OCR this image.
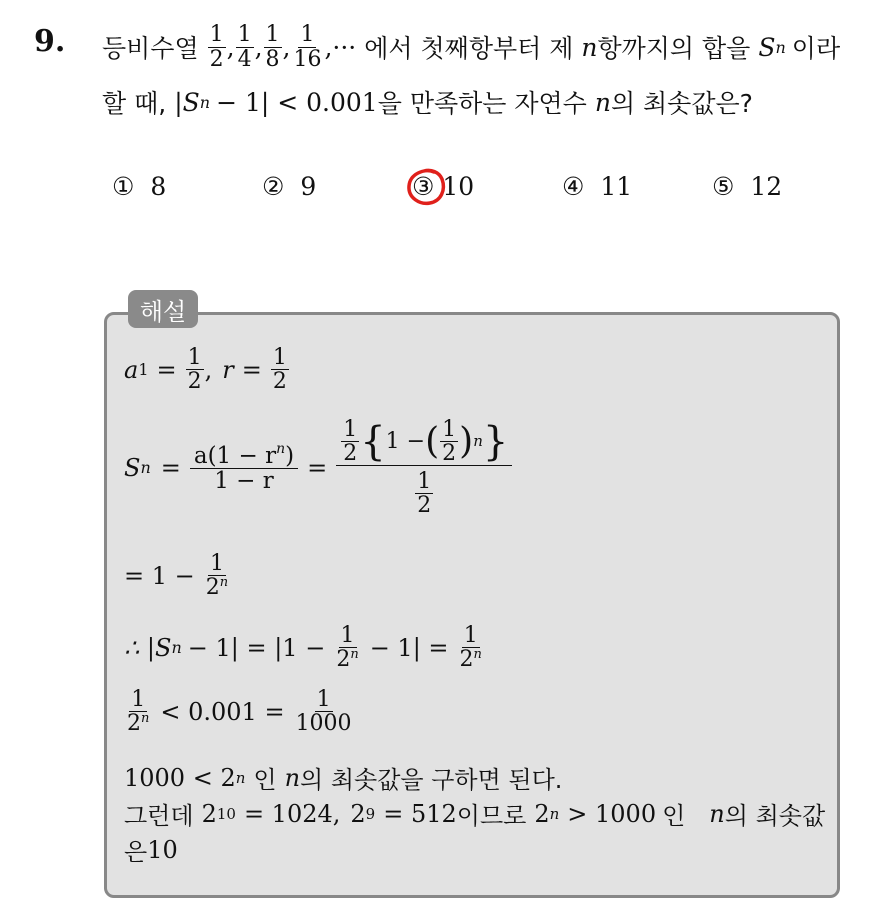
9. 등비수열 $\frac{1}{2}$ , $\frac{1}{4}$ , $\frac{1}{8}$ , $\frac{1}{16}$ ,··· 에서 첫째항부터 제 n 항까지의 합을 S n 이라
할 때, |S n − 1| < 0.001 을 만족하는 자연수 n 의 최솟값은?
① 8	② 9	③ 10	④ 11	⑤ 12
해설
a $1 = \frac{1}{2}$ , $r = \frac{1}{2}$
S $n = \frac{a(1 - r^n)}{1 - r}$ =
$\frac{1}{2}$ { 1 − ( $\frac{1}{2}$ ) n }
$\frac{1}{2}$
= $1 - \frac{1}{2^n}$
∴ |S $n - 1| = |1 - \frac{1}{2^n} - 1| = \frac{1}{2^n}$
$\frac{1}{2^n} < 0.001 = \frac{1}{1000}$
1000 < 2 n 인 n 의 최솟값을 구하면 된다.
그런데 2 10 = 1024, 2 9 = 512 이므로 2 n > 1000 인 n 의 최솟값
은 10
